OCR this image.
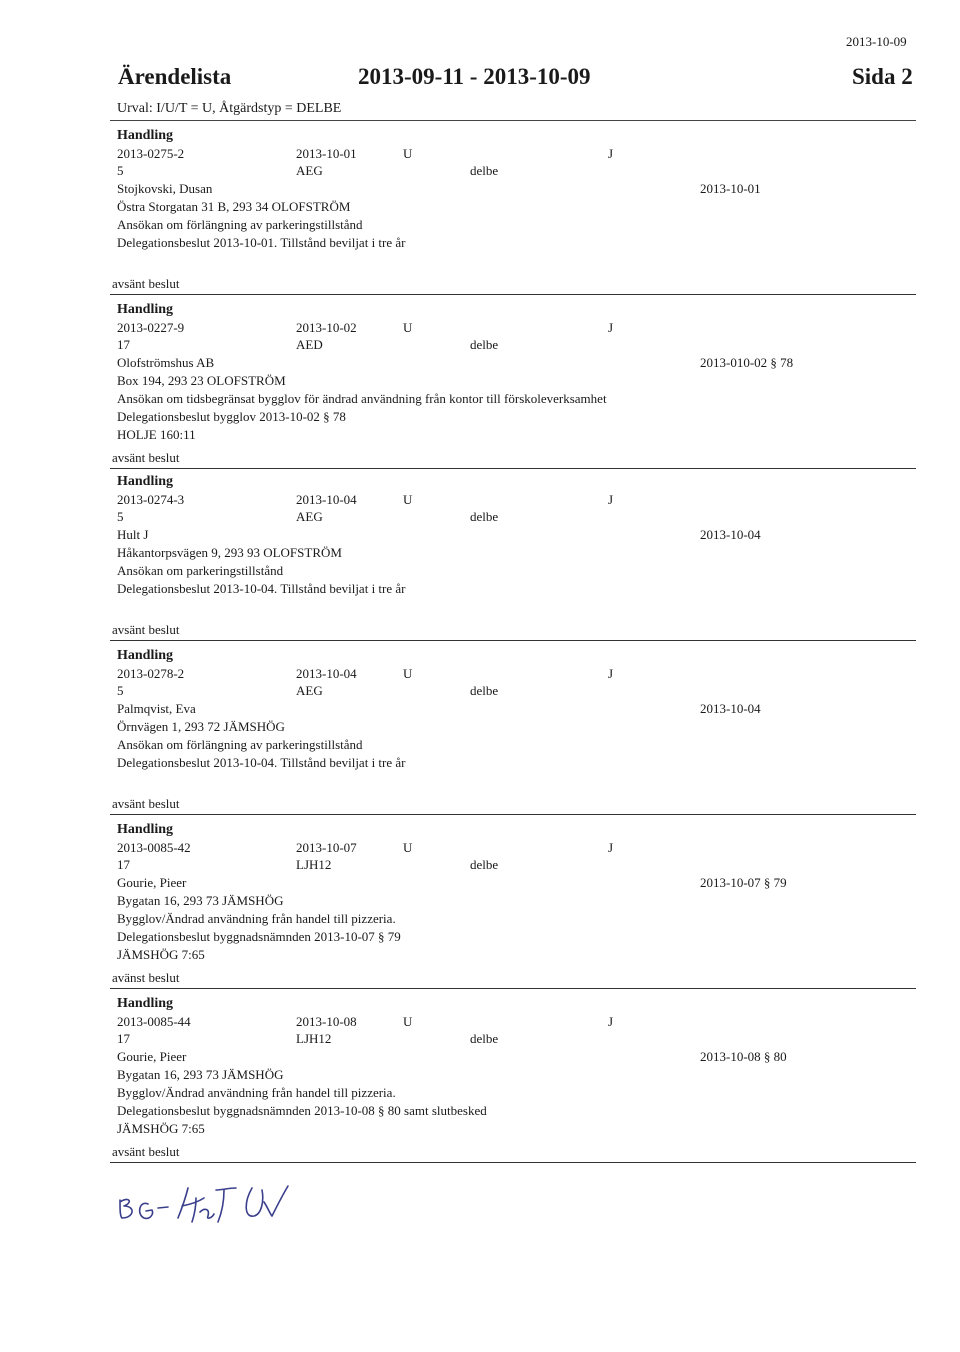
2013-10-09
Ärendelista	2013-09-11 - 2013-10-09	Sida 2
Urval: I/U/T = U, Åtgärdstyp = DELBE
Handling
2013-0275-2	2013-10-01	U	J
5	AEG	delbe
Stojkovski, Dusan	2013-10-01
Östra Storgatan 31 B, 293 34 OLOFSTRÖM
Ansökan om förlängning av parkeringstillstånd
Delegationsbeslut 2013-10-01. Tillstånd beviljat i tre år
avsänt beslut
Handling
2013-0227-9	2013-10-02	U	J
17	AED	delbe
Olofströmshus AB	2013-010-02 § 78
Box 194, 293 23 OLOFSTRÖM
Ansökan om tidsbegränsat bygglov för ändrad användning från kontor till förskoleverksamhet
Delegationsbeslut bygglov 2013-10-02 § 78
HOLJE 160:11
avsänt beslut
Handling
2013-0274-3	2013-10-04	U	J
5	AEG	delbe
Hult J	2013-10-04
Håkantorpsvägen 9, 293 93 OLOFSTRÖM
Ansökan om parkeringstillstånd
Delegationsbeslut 2013-10-04. Tillstånd beviljat i tre år
avsänt beslut
Handling
2013-0278-2	2013-10-04	U	J
5	AEG	delbe
Palmqvist, Eva	2013-10-04
Örnvägen 1, 293 72 JÄMSHÖG
Ansökan om förlängning av parkeringstillstånd
Delegationsbeslut 2013-10-04. Tillstånd beviljat i tre år
avsänt beslut
Handling
2013-0085-42	2013-10-07	U	J
17	LJH12	delbe
Gourie, Pieer	2013-10-07 § 79
Bygatan 16, 293 73 JÄMSHÖG
Bygglov/Ändrad användning från handel till pizzeria.
Delegationsbeslut byggnadsnämnden 2013-10-07 § 79
JÄMSHÖG 7:65
avänst beslut
Handling
2013-0085-44	2013-10-08	U	J
17	LJH12	delbe
Gourie, Pieer	2013-10-08 § 80
Bygatan 16, 293 73 JÄMSHÖG
Bygglov/Ändrad användning från handel till pizzeria.
Delegationsbeslut byggnadsnämnden 2013-10-08 § 80 samt slutbesked
JÄMSHÖG 7:65
avsänt beslut
